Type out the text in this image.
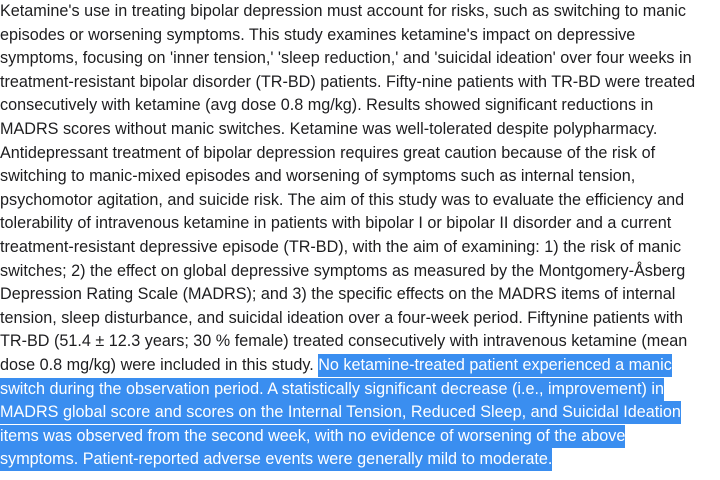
Ketamine's use in treating bipolar depression must account for risks, such as switching to manic
episodes or worsening symptoms. This study examines ketamine's impact on depressive
symptoms, focusing on 'inner tension,' 'sleep reduction,' and 'suicidal ideation' over four weeks in
treatment-resistant bipolar disorder (TR-BD) patients. Fifty-nine patients with TR-BD were treated
consecutively with ketamine (avg dose 0.8 mg/kg). Results showed significant reductions in
MADRS scores without manic switches. Ketamine was well-tolerated despite polypharmacy.
Antidepressant treatment of bipolar depression requires great caution because of the risk of
switching to manic-mixed episodes and worsening of symptoms such as internal tension,
psychomotor agitation, and suicide risk. The aim of this study was to evaluate the efficiency and
tolerability of intravenous ketamine in patients with bipolar I or bipolar II disorder and a current
treatment-resistant depressive episode (TR-BD), with the aim of examining: 1) the risk of manic
switches; 2) the effect on global depressive symptoms as measured by the Montgomery-Åsberg
Depression Rating Scale (MADRS); and 3) the specific effects on the MADRS items of internal
tension, sleep disturbance, and suicidal ideation over a four-week period. Fiftynine patients with
TR-BD (51.4 ± 12.3 years; 30 % female) treated consecutively with intravenous ketamine (mean
dose 0.8 mg/kg) were included in this study. No ketamine-treated patient experienced a manic
switch during the observation period. A statistically significant decrease (i.e., improvement) in
MADRS global score and scores on the Internal Tension, Reduced Sleep, and Suicidal Ideation
items was observed from the second week, with no evidence of worsening of the above
symptoms. Patient-reported adverse events were generally mild to moderate.
